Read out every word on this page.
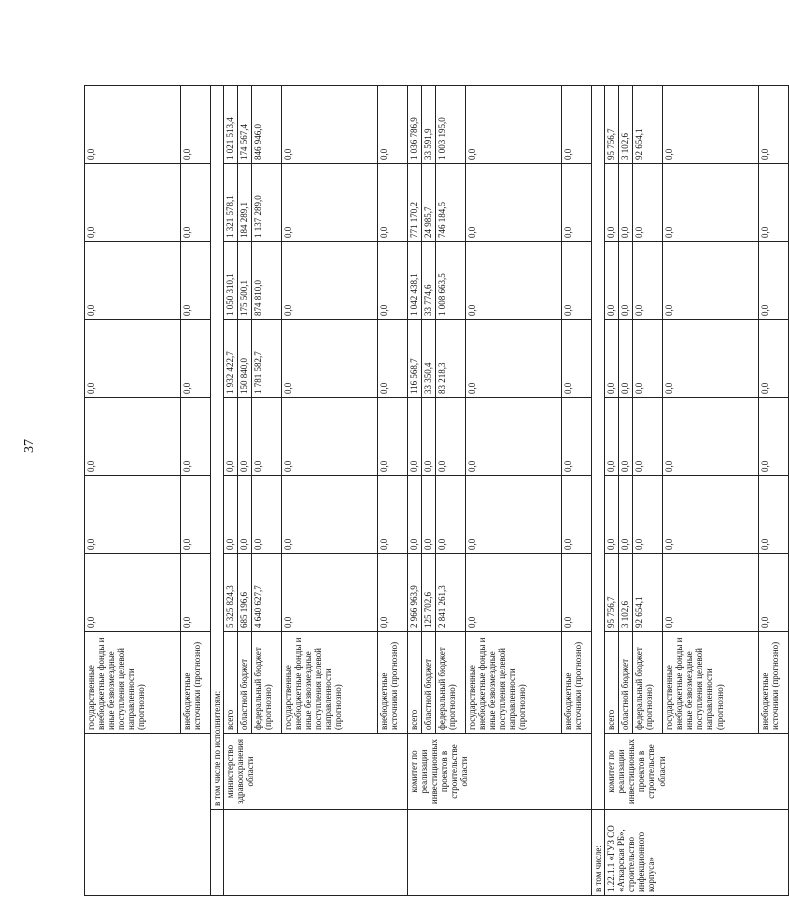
37
		государственные внебюджетные фонды и иные безвозмездные поступления целевой направленности (прогнозно)	0,0	0,0	0,0	0,0	0,0	0,0	0,0
		внебюджетные источники (прогнозно)	0,0	0,0	0,0	0,0	0,0	0,0	0,0
	в том числе по исполнителям:								
	министерство здравоохранения области	всего	5 325 824,3	0,0	0,0	1 932 422,7	1 050 310,1	1 321 578,1	1 021 513,4
		областной бюджет	685 196,6	0,0	0,0	150 840,0	175 500,1	184 289,1	174 567,4
		федеральный бюджет (прогнозно)	4 640 627,7	0,0	0,0	1 781 582,7	874 810,0	1 137 289,0	846 946,0
		государственные внебюджетные фонды и иные безвозмездные поступления целевой направленности (прогнозно)	0,0	0,0	0,0	0,0	0,0	0,0	0,0
		внебюджетные источники (прогнозно)	0,0	0,0	0,0	0,0	0,0	0,0	0,0
	комитет по реализации инвестиционных проектов в строительстве области	всего	2 966 963,9	0,0	0,0	116 568,7	1 042 438,1	771 170,2	1 036 786,9
		областной бюджет	125 702,6	0,0	0,0	33 350,4	33 774,6	24 985,7	33 591,9
		федеральный бюджет (прогнозно)	2 841 261,3	0,0	0,0	83 218,3	1 008 663,5	746 184,5	1 003 195,0
		государственные внебюджетные фонды и иные безвозмездные поступления целевой направленности (прогнозно)	0,0	0,0	0,0	0,0	0,0	0,0	0,0
		внебюджетные источники (прогнозно)	0,0	0,0	0,0	0,0	0,0	0,0	0,0
в том числе:									
1.22.1.1 «ГУЗ СО «Аткарская РБ», строительство инфекционного корпуса»	комитет по реализации инвестиционных проектов в строительстве области	всего	95 756,7	0,0	0,0	0,0	0,0	0,0	95 756,7
		областной бюджет	3 102,6	0,0	0,0	0,0	0,0	0,0	3 102,6
		федеральный бюджет (прогнозно)	92 654,1	0,0	0,0	0,0	0,0	0,0	92 654,1
		государственные внебюджетные фонды и иные безвозмездные поступления целевой направленности (прогнозно)	0,0	0,0	0,0	0,0	0,0	0,0	0,0
		внебюджетные источники (прогнозно)	0,0	0,0	0,0	0,0	0,0	0,0	0,0
